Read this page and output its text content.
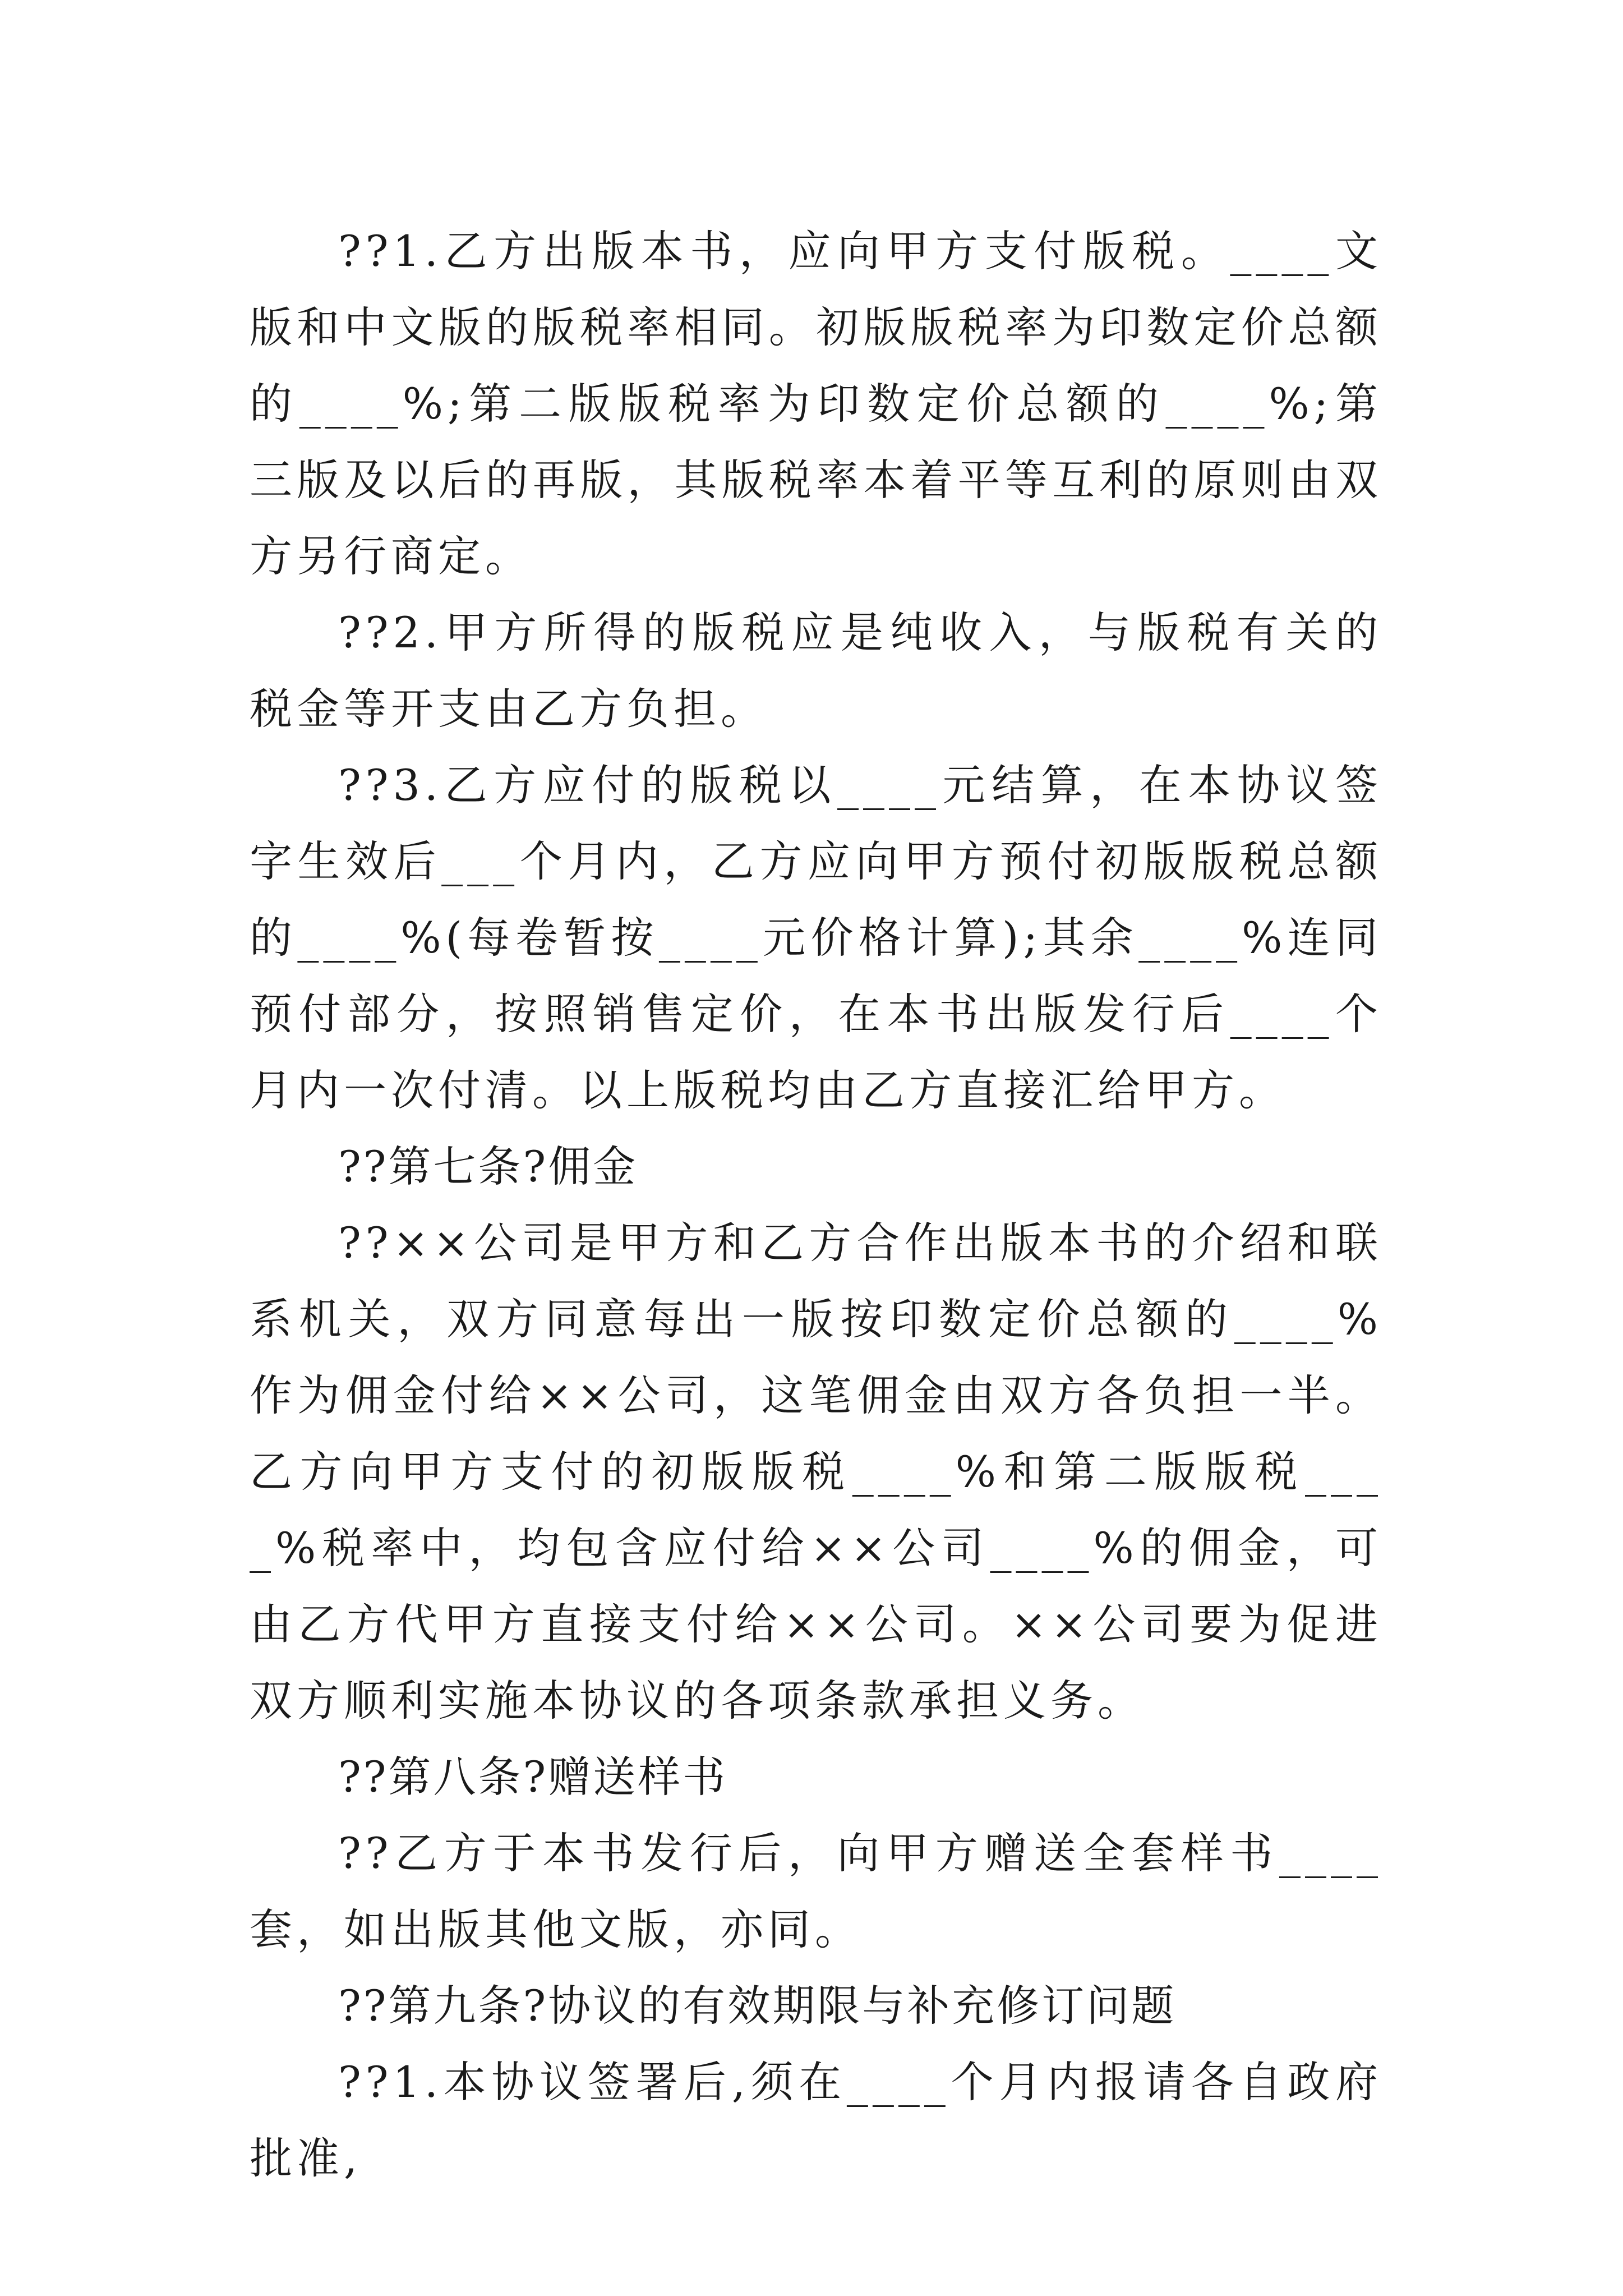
??1.乙方出版本书，应向甲方支付版税。____文版和中文版的版税率相同。初版版税率为印数定价总额的____%;第二版版税率为印数定价总额的____%;第三版及以后的再版，其版税率本着平等互利的原则由双方另行商定。

??2.甲方所得的版税应是纯收入，与版税有关的税金等开支由乙方负担。

??3.乙方应付的版税以____元结算，在本协议签字生效后___个月内，乙方应向甲方预付初版版税总额的____%(每卷暂按____元价格计算);其余____%连同预付部分，按照销售定价，在本书出版发行后____个月内一次付清。以上版税均由乙方直接汇给甲方。

??第七条?佣金

??××公司是甲方和乙方合作出版本书的介绍和联系机关，双方同意每出一版按印数定价总额的____%作为佣金付给××公司，这笔佣金由双方各负担一半。乙方向甲方支付的初版版税____%和第二版版税____%税率中，均包含应付给××公司____%的佣金，可由乙方代甲方直接支付给××公司。××公司要为促进双方顺利实施本协议的各项条款承担义务。

??第八条?赠送样书

??乙方于本书发行后，向甲方赠送全套样书____套，如出版其他文版，亦同。

??第九条?协议的有效期限与补充修订问题

??1.本协议签署后,须在____个月内报请各自政府批准,
